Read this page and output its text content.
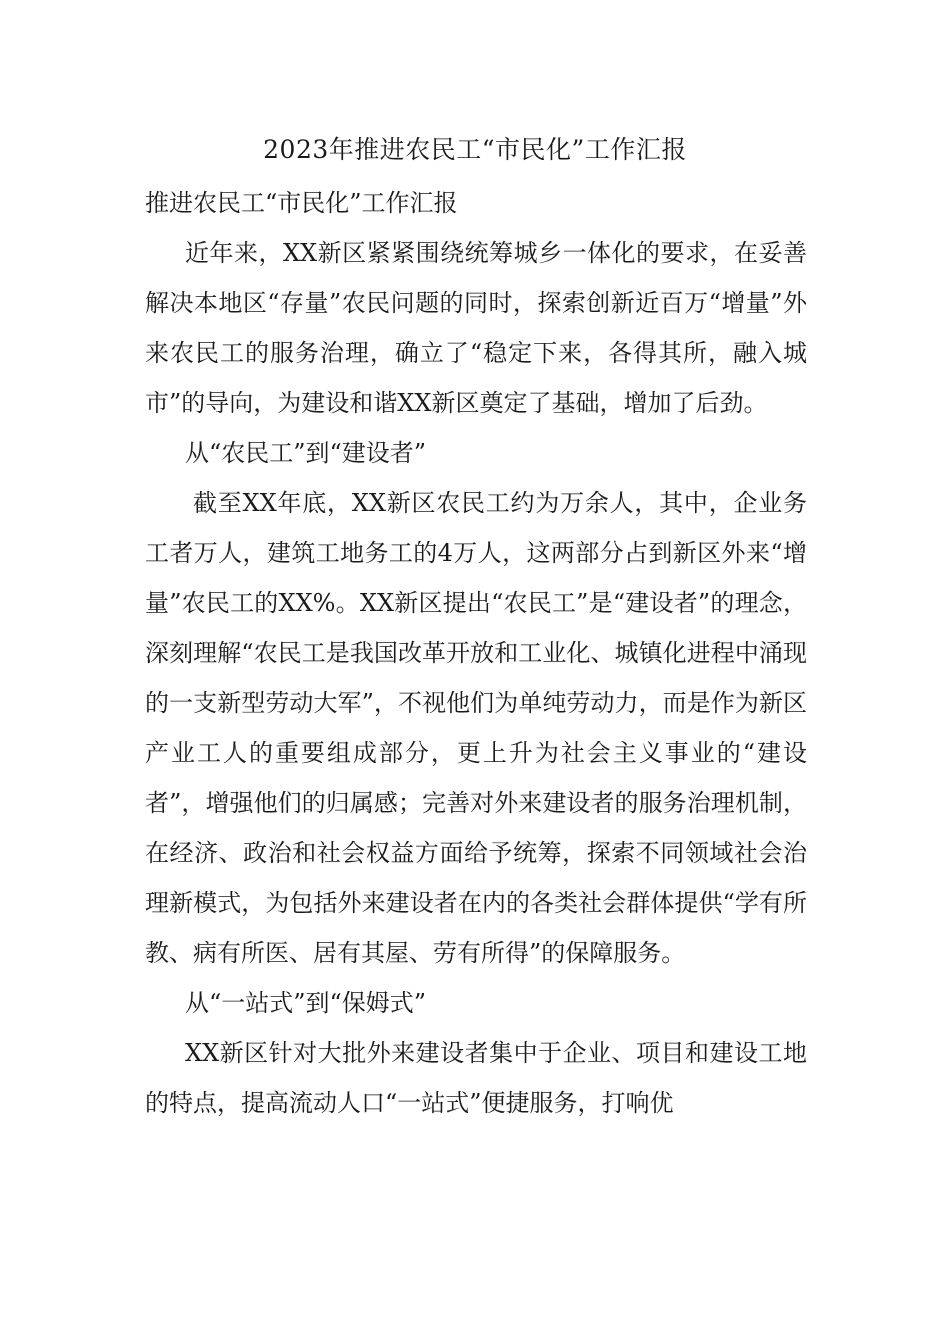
2023年推进农民工“市民化”工作汇报

推进农民工“市民化”工作汇报

近年来，XX新区紧紧围绕统筹城乡一体化的要求，在妥善解决本地区“存量”农民问题的同时，探索创新近百万“增量”外来农民工的服务治理，确立了“稳定下来，各得其所，融入城市”的导向，为建设和谐XX新区奠定了基础，增加了后劲。

从“农民工”到“建设者”

截至XX年底，XX新区农民工约为万余人，其中，企业务工者万人，建筑工地务工的4万人，这两部分占到新区外来“增量”农民工的XX%。XX新区提出“农民工”是“建设者”的理念，深刻理解“农民工是我国改革开放和工业化、城镇化进程中涌现的一支新型劳动大军”，不视他们为单纯劳动力，而是作为新区产业工人的重要组成部分，更上升为社会主义事业的“建设者”，增强他们的归属感；完善对外来建设者的服务治理机制，在经济、政治和社会权益方面给予统筹，探索不同领域社会治理新模式，为包括外来建设者在内的各类社会群体提供“学有所教、病有所医、居有其屋、劳有所得”的保障服务。

从“一站式”到“保姆式”

XX新区针对大批外来建设者集中于企业、项目和建设工地的特点，提高流动人口“一站式”便捷服务，打响优
